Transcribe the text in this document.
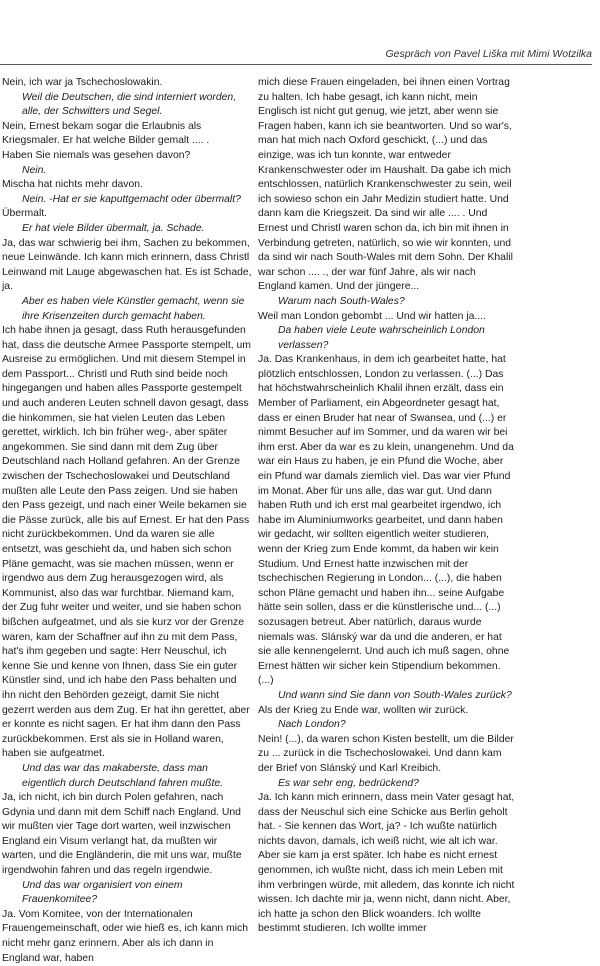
Gespräch von Pavel Liška mit Mimi Wotzilka

Nein, ich war ja Tschechoslowakin.

Weil die Deutschen, die sind interniert worden, alle, der Schwitters und Segel.

Nein, Ernest bekam sogar die Erlaubnis als Kriegsmaler. Er hat welche Bilder gemalt .... .

Haben Sie niemals was gesehen davon?

Nein.

Mischa hat nichts mehr davon.

Nein. -Hat er sie kaputtgemacht oder übermalt?

Übermalt.

Er hat viele Bilder übermalt, ja. Schade.

Ja, das war schwierig bei ihm, Sachen zu bekommen, neue Leinwände. Ich kann mich erinnern, dass Christl Leinwand mit Lauge abgewaschen hat. Es ist Schade, ja.

Aber es haben viele Künstler gemacht, wenn sie ihre Krisenzeiten durch gemacht haben.

Ich habe ihnen ja gesagt, dass Ruth herausgefunden hat, dass die deutsche Armee Passporte stempelt, um Ausreise zu ermöglichen. Und mit diesem Stempel in dem Passport... Christl und Ruth sind beide noch hingegangen und haben alles Passporte gestempelt und auch anderen Leuten schnell davon gesagt, dass die hinkommen, sie hat vielen Leuten das Leben gerettet, wirklich. Ich bin früher weg-, aber später angekommen. Sie sind dann mit dem Zug über Deutschland nach Holland gefahren. An der Grenze zwischen der Tschechoslowakei und Deutschland mußten alle Leute den Pass zeigen. Und sie haben den Pass gezeigt, und nach einer Weile bekamen sie die Pässe zurück, alle bis auf Ernest. Er hat den Pass nicht zurückbekommen. Und da waren sie alle entsetzt, was geschieht da, und haben sich schon Pläne gemacht, was sie machen müssen, wenn er irgendwo aus dem Zug herausgezogen wird, als Kommunist, also das war furchtbar. Niemand kam, der Zug fuhr weiter und weiter, und sie haben schon bißchen aufgeatmet, und als sie kurz vor der Grenze waren, kam der Schaffner auf ihn zu mit dem Pass, hat's ihm gegeben und sagte: Herr Neuschul, ich kenne Sie und kenne von Ihnen, dass Sie ein guter Künstler sind, und ich habe den Pass behalten und ihn nicht den Behörden gezeigt, damit Sie nicht gezerrt werden aus dem Zug. Er hat ihn gerettet, aber er konnte es nicht sagen. Er hat ihm dann den Pass zurückbekommen. Erst als sie in Holland waren, haben sie aufgeatmet.

Und das war das makaberste, dass man eigentlich durch Deutschland fahren mußte.

Ja, ich nicht, ich bin durch Polen gefahren, nach Gdynia und dann mit dem Schiff nach England. Und wir mußten vier Tage dort warten, weil inzwischen England ein Visum verlangt hat, da mußten wir warten, und die Engländerin, die mit uns war, mußte irgendwohin fahren und das regeln irgendwie.

Und das war organisiert von einem Frauenkomitee?

Ja. Vom Komitee, von der Internationalen Frauengemeinschaft, oder wie hieß es, ich kann mich nicht mehr ganz erinnern. Aber als ich dann in England war, haben

mich diese Frauen eingeladen, bei ihnen einen Vortrag zu halten. Ich habe gesagt, ich kann nicht, mein Englisch ist nicht gut genug, wie jetzt, aber wenn sie Fragen haben, kann ich sie beantworten. Und so war's, man hat mich nach Oxford geschickt, (...) und das einzige, was ich tun konnte, war entweder Krankenschwester oder im Haushalt. Da gabe ich mich entschlossen, natürlich Krankenschwester zu sein, weil ich sowieso schon ein Jahr Medizin studiert hatte. Und dann kam die Kriegszeit. Da sind wir alle .... . Und Ernest und Christl waren schon da, ich bin mit ihnen in Verbindung getreten, natürlich, so wie wir konnten, und da sind wir nach South-Wales mit dem Sohn. Der Khalil war schon .... ., der war fünf Jahre, als wir nach England kamen. Und der jüngere...

Warum nach South-Wales?

Weil man London gebombt ... Und wir hatten ja....

Da haben viele Leute wahrscheinlich London verlassen?

Ja. Das Krankenhaus, in dem ich gearbeitet hatte, hat plötzlich entschlossen, London zu verlassen. (...) Das hat höchstwahrscheinlich Khalil ihnen erzält, dass ein Member of Parliament, ein Abgeordneter gesagt hat, dass er einen Bruder hat near of Swansea, und (...) er nimmt Besucher auf im Sommer, und da waren wir bei ihm erst. Aber da war es zu klein, unangenehm. Und da war ein Haus zu haben, je ein Pfund die Woche, aber ein Pfund war damals ziemlich viel. Das war vier Pfund im Monat. Aber für uns alle, das war gut. Und dann haben Ruth und ich erst mal gearbeitet irgendwo, ich habe im Aluminiumworks gearbeitet, und dann haben wir gedacht, wir sollten eigentlich weiter studieren, wenn der Krieg zum Ende kommt, da haben wir kein Studium. Und Ernest hatte inzwischen mit der tschechischen Regierung in London... (...), die haben schon Pläne gemacht und haben ihn... seine Aufgabe hätte sein sollen, dass er die künstlerische und... (...) sozusagen betreut. Aber natürlich, daraus wurde niemals was. Slánský war da und die anderen, er hat sie alle kennengelernt. Und auch ich muß sagen, ohne Ernest hätten wir sicher kein Stipendium bekommen. (...)

Und wann sind Sie dann von South-Wales zurück?

Als der Krieg zu Ende war, wollten wir zurück.

Nach London?

Nein! (...), da waren schon Kisten bestellt, um die Bilder zu ... zurück in die Tschechoslowakei. Und dann kam der Brief von Slánský und Karl Kreibich.

Es war sehr eng, bedrückend?

Ja. Ich kann mich erinnern, dass mein Vater gesagt hat, dass der Neuschul sich eine Schicke aus Berlin geholt hat. - Sie kennen das Wort, ja? - Ich wußte natürlich nichts davon, damals, ich weiß nicht, wie alt ich war. Aber sie kam ja erst später. Ich habe es nicht ernest genommen, ich wußte nicht, dass ich mein Leben mit ihm verbringen würde, mit alledem, das konnte ich nicht wissen. Ich dachte mir ja, wenn nicht, dann nicht. Aber, ich hatte ja schon den Blick woanders. Ich wollte bestimmt studieren. Ich wollte immer
